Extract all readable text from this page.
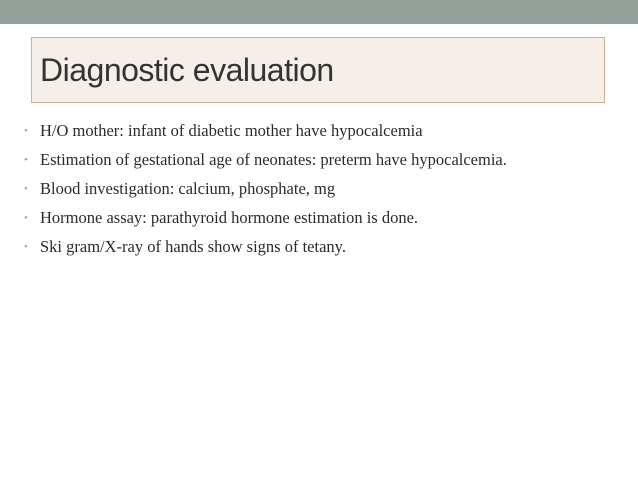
Diagnostic evaluation
• H/O mother: infant of diabetic mother have hypocalcemia
• Estimation of gestational age of neonates: preterm have hypocalcemia.
• Blood investigation: calcium, phosphate, mg
• Hormone assay: parathyroid hormone estimation is done.
• Ski gram/X-ray of hands show signs of tetany.
